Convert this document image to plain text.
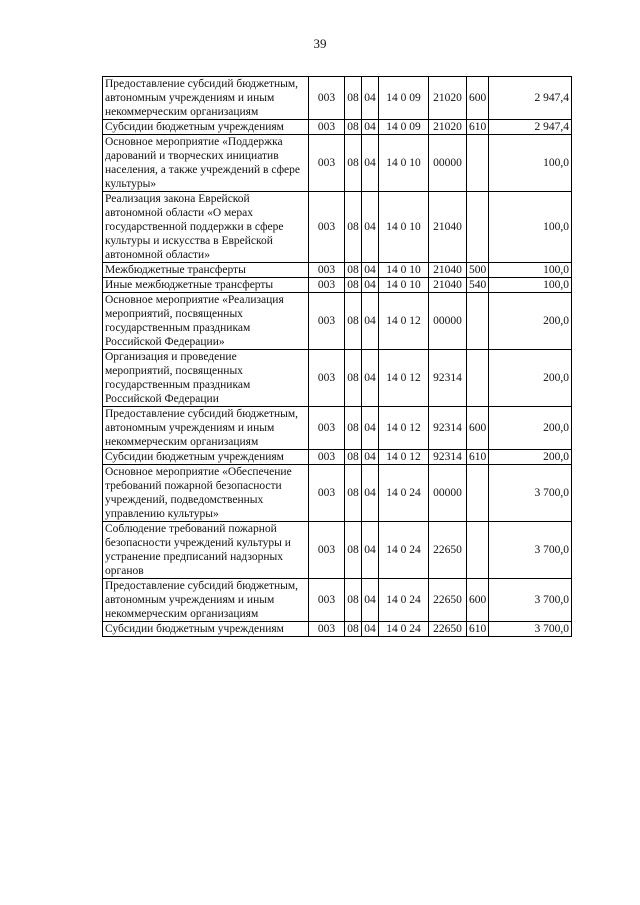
39
Предоставление субсидий бюджетным, автономным учреждениям и иным некоммерческим организациям	003	08	04	14 0 09	21020	600	2 947,4
Субсидии бюджетным учреждениям	003	08	04	14 0 09	21020	610	2 947,4
Основное мероприятие «Поддержка дарований и творческих инициатив населения, а также учреждений в сфере культуры»	003	08	04	14 0 10	00000		100,0
Реализация закона Еврейской автономной области «О мерах государственной поддержки в сфере культуры и искусства в Еврейской автономной области»	003	08	04	14 0 10	21040		100,0
Межбюджетные трансферты	003	08	04	14 0 10	21040	500	100,0
Иные межбюджетные трансферты	003	08	04	14 0 10	21040	540	100,0
Основное мероприятие «Реализация мероприятий, посвященных государственным праздникам Российской Федерации»	003	08	04	14 0 12	00000		200,0
Организация и проведение мероприятий, посвященных государственным праздникам Российской Федерации	003	08	04	14 0 12	92314		200,0
Предоставление субсидий бюджетным, автономным учреждениям и иным некоммерческим организациям	003	08	04	14 0 12	92314	600	200,0
Субсидии бюджетным учреждениям	003	08	04	14 0 12	92314	610	200,0
Основное мероприятие «Обеспечение требований пожарной безопасности учреждений, подведомственных управлению культуры»	003	08	04	14 0 24	00000		3 700,0
Соблюдение требований пожарной безопасности учреждений культуры и устранение предписаний надзорных органов	003	08	04	14 0 24	22650		3 700,0
Предоставление субсидий бюджетным, автономным учреждениям и иным некоммерческим организациям	003	08	04	14 0 24	22650	600	3 700,0
Субсидии бюджетным учреждениям	003	08	04	14 0 24	22650	610	3 700,0
